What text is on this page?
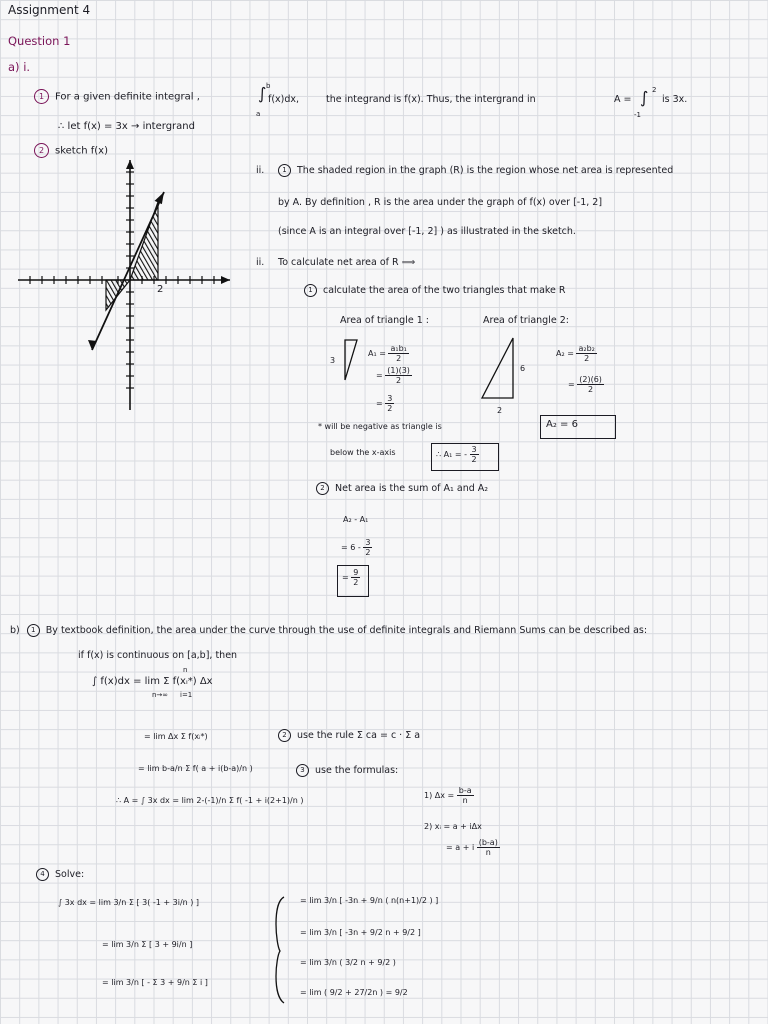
Assignment 4
Question 1
a) i.
1 For a given definite integral ,	∫ b
a
f(x)dx,	the integrand is f(x). Thus, the intergrand in	A = ∫ 2
-1
is 3x.
∴ let f(x) = 3x → intergrand
2 sketch f(x)
2
ii.	1 The shaded region in the graph (R) is the region whose net area is represented
by A. By definition , R is the area under the graph of f(x) over [-1, 2]
(since A is an integral over [-1, 2] ) as illustrated in the sketch.
ii. To calculate net area of R ⟹
1 calculate the area of the two triangles that make R
Area of triangle 1 :	Area of triangle 2:
3
$A_1 = \frac{\text{a₁b₁}}{2}$
= $\frac{(1)(3)}{2}$
= $\frac{3}{2}$
6
2
$A_2 = \frac{\text{a₂b₂}}{2}$
= $\frac{(2)(6)}{2}$
A₂ = 6
* will be negative as triangle is
below the x-axis	∴ A₁ = - $\frac{3}{2}$
2 Net area is the sum of A₁ and A₂
A₂ - A₁
= $6 - \frac{3}{2}$
= $\frac{9}{2}$
b) 1 By textbook definition, the area under the curve through the use of definite integrals and Riemann Sums can be described as:
if f(x) is continuous on [a,b], then
∫ f(x)dx = lim Σ f(xᵢ*) Δx
n→∞ i=1
n
= lim Δx Σ f(xᵢ*)
= lim b-a/n Σ f( a + i(b-a)/n )
∴ A = ∫ 3x dx = lim 2-(-1)/n Σ f( -1 + i(2+1)/n )
2 use the rule Σ ca = c · Σ a
3 use the formulas:
1) $\Delta x = \frac{b-a}{n}$
2) xᵢ = a + iΔx
= a + i $\frac{(b-a)}{n}$
4 Solve:
∫ 3x dx = lim 3/n Σ [ 3( -1 + 3i/n ) ]
= lim 3/n Σ [ 3 + 9i/n ]
= lim 3/n [ - Σ 3 + 9/n Σ i ]
= lim 3/n [ -3n + 9/n ( n(n+1)/2 ) ]
= lim 3/n [ -3n + 9/2 n + 9/2 ]
= lim 3/n ( 3/2 n + 9/2 )
= lim ( 9/2 + 27/2n ) = 9/2
